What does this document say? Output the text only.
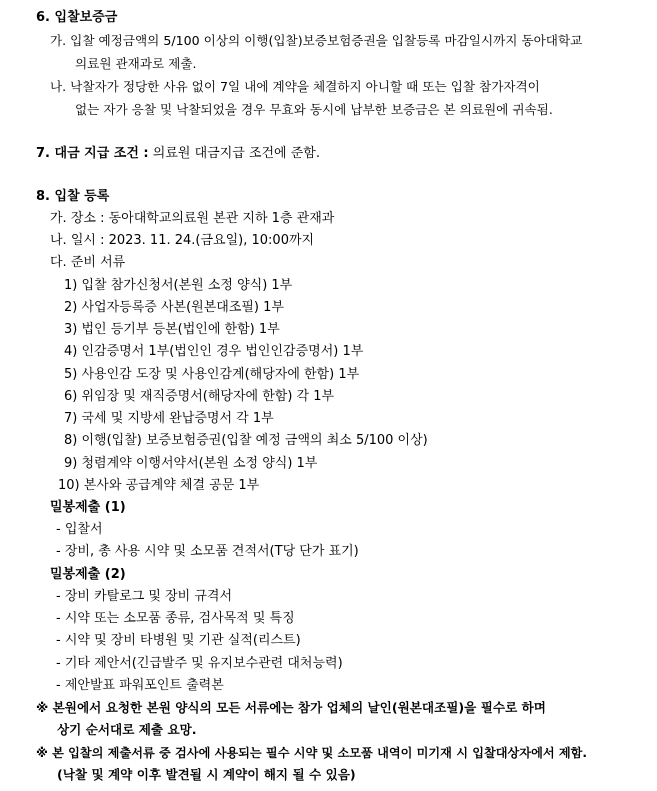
6. 입찰보증금
가. 입찰 예정금액의 5/100 이상의 이행(입찰)보증보험증권을 입찰등록 마감일시까지 동아대학교
의료원 관재과로 제출.
나. 낙찰자가 정당한 사유 없이 7일 내에 계약을 체결하지 아니할 때 또는 입찰 참가자격이
없는 자가 응찰 및 낙찰되었을 경우 무효와 동시에 납부한 보증금은 본 의료원에 귀속됨.
7. 대금 지급 조건 : 의료원 대금지급 조건에 준함.
8. 입찰 등록
가. 장소 : 동아대학교의료원 본관 지하 1층 관재과
나. 일시 : 2023. 11. 24.(금요일), 10:00까지
다. 준비 서류
1) 입찰 참가신청서(본원 소정 양식) 1부
2) 사업자등록증 사본(원본대조필) 1부
3) 법인 등기부 등본(법인에 한함) 1부
4) 인감증명서 1부(법인인 경우 법인인감증명서) 1부
5) 사용인감 도장 및 사용인감계(해당자에 한함) 1부
6) 위임장 및 재직증명서(해당자에 한함) 각 1부
7) 국세 및 지방세 완납증명서 각 1부
8) 이행(입찰) 보증보험증권(입찰 예정 금액의 최소 5/100 이상)
9) 청렴계약 이행서약서(본원 소정 양식) 1부
10) 본사와 공급계약 체결 공문 1부
밀봉제출 (1)
- 입찰서
- 장비, 총 사용 시약 및 소모품 견적서(T당 단가 표기)
밀봉제출 (2)
- 장비 카탈로그 및 장비 규격서
- 시약 또는 소모품 종류, 검사목적 및 특징
- 시약 및 장비 타병원 및 기관 실적(리스트)
- 기타 제안서(긴급발주 및 유지보수관련 대처능력)
- 제안발표 파워포인트 출력본
※ 본원에서 요청한 본원 양식의 모든 서류에는 참가 업체의 날인(원본대조필)을 필수로 하며
상기 순서대로 제출 요망.
※ 본 입찰의 제출서류 중 검사에 사용되는 필수 시약 및 소모품 내역이 미기재 시 입찰대상자에서 제함.
(낙찰 및 계약 이후 발견될 시 계약이 해지 될 수 있음)
